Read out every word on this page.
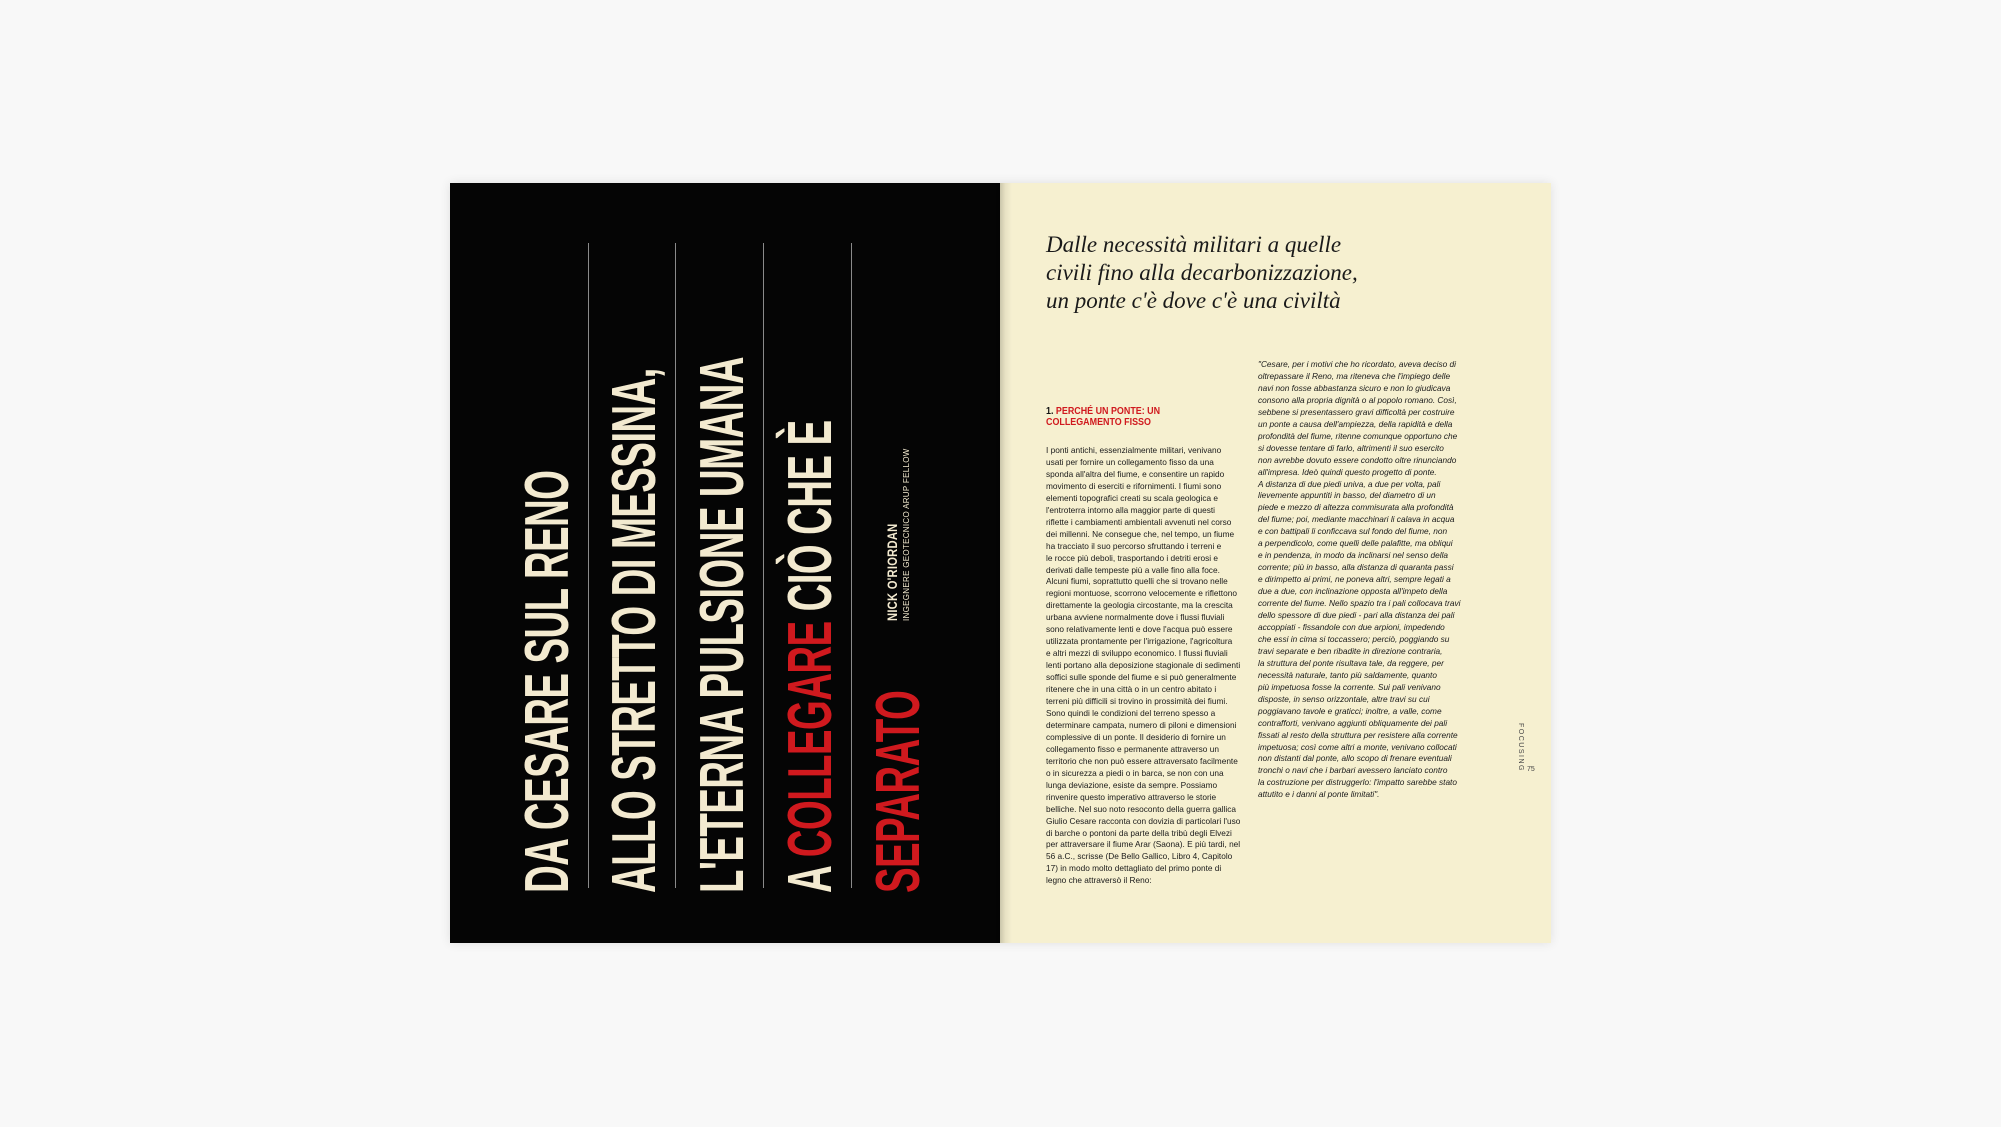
DA CESARE SUL RENO ALLO STRETTO DI MESSINA, L'ETERNA PULSIONE UMANA A COLLEGARE CIÒ CHE È
SEPARATO
NICK O'RIORDAN INGEGNERE GEOTECNICO ARUP FELLOW
Dalle necessità militari a quelle
civili fino alla decarbonizzazione,
un ponte c'è dove c'è una civiltà
1. PERCHÉ UN PONTE: UN COLLEGAMENTO FISSO

I ponti antichi, essenzialmente militari, venivano

usati per fornire un collegamento fisso da una

sponda all'altra del fiume, e consentire un rapido

movimento di eserciti e rifornimenti. I fiumi sono

elementi topografici creati su scala geologica e

l'entroterra intorno alla maggior parte di questi

riflette i cambiamenti ambientali avvenuti nel corso

dei millenni. Ne consegue che, nel tempo, un fiume

ha tracciato il suo percorso sfruttando i terreni e

le rocce più deboli, trasportando i detriti erosi e

derivati dalle tempeste più a valle fino alla foce.

Alcuni fiumi, soprattutto quelli che si trovano nelle

regioni montuose, scorrono velocemente e riflettono

direttamente la geologia circostante, ma la crescita

urbana avviene normalmente dove i flussi fluviali

sono relativamente lenti e dove l'acqua può essere

utilizzata prontamente per l'irrigazione, l'agricoltura

e altri mezzi di sviluppo economico. I flussi fluviali

lenti portano alla deposizione stagionale di sedimenti

soffici sulle sponde del fiume e si può generalmente

ritenere che in una città o in un centro abitato i

terreni più difficili si trovino in prossimità dei fiumi.

Sono quindi le condizioni del terreno spesso a

determinare campata, numero di piloni e dimensioni

complessive di un ponte. Il desiderio di fornire un

collegamento fisso e permanente attraverso un

territorio che non può essere attraversato facilmente

o in sicurezza a piedi o in barca, se non con una

lunga deviazione, esiste da sempre. Possiamo

rinvenire questo imperativo attraverso le storie

belliche. Nel suo noto resoconto della guerra gallica

Giulio Cesare racconta con dovizia di particolari l'uso

di barche o pontoni da parte della tribù degli Elvezi

per attraversare il fiume Arar (Saona). E più tardi, nel

56 a.C., scrisse (De Bello Gallico, Libro 4, Capitolo

17) in modo molto dettagliato del primo ponte di

legno che attraversò il Reno:

"Cesare, per i motivi che ho ricordato, aveva deciso di

oltrepassare il Reno, ma riteneva che l'impiego delle

navi non fosse abbastanza sicuro e non lo giudicava

consono alla propria dignità o al popolo romano. Così,

sebbene si presentassero gravi difficoltà per costruire

un ponte a causa dell'ampiezza, della rapidità e della

profondità del fiume, ritenne comunque opportuno che

si dovesse tentare di farlo, altrimenti il suo esercito

non avrebbe dovuto essere condotto oltre rinunciando

all'impresa. Ideò quindi questo progetto di ponte.

A distanza di due piedi univa, a due per volta, pali

lievemente appuntiti in basso, del diametro di un

piede e mezzo di altezza commisurata alla profondità

del fiume; poi, mediante macchinari li calava in acqua

e con battipali li conficcava sul fondo del fiume, non

a perpendicolo, come quelli delle palafitte, ma obliqui

e in pendenza, in modo da inclinarsi nel senso della

corrente; più in basso, alla distanza di quaranta passi

e dirimpetto ai primi, ne poneva altri, sempre legati a

due a due, con inclinazione opposta all'impeto della

corrente del fiume. Nello spazio tra i pali collocava travi

dello spessore di due piedi - pari alla distanza dei pali

accoppiati - fissandole con due arpioni, impedendo

che essi in cima si toccassero; perciò, poggiando su

travi separate e ben ribadite in direzione contraria,

la struttura del ponte risultava tale, da reggere, per

necessità naturale, tanto più saldamente, quanto

più impetuosa fosse la corrente. Sui pali venivano

disposte, in senso orizzontale, altre travi su cui

poggiavano tavole e graticci; inoltre, a valle, come

contrafforti, venivano aggiunti obliquamente dei pali

fissati al resto della struttura per resistere alla corrente

impetuosa; così come altri a monte, venivano collocati

non distanti dal ponte, allo scopo di frenare eventuali

tronchi o navi che i barbari avessero lanciato contro

la costruzione per distruggerlo: l'impatto sarebbe stato

attutito e i danni al ponte limitati".

FOCUSING 75
